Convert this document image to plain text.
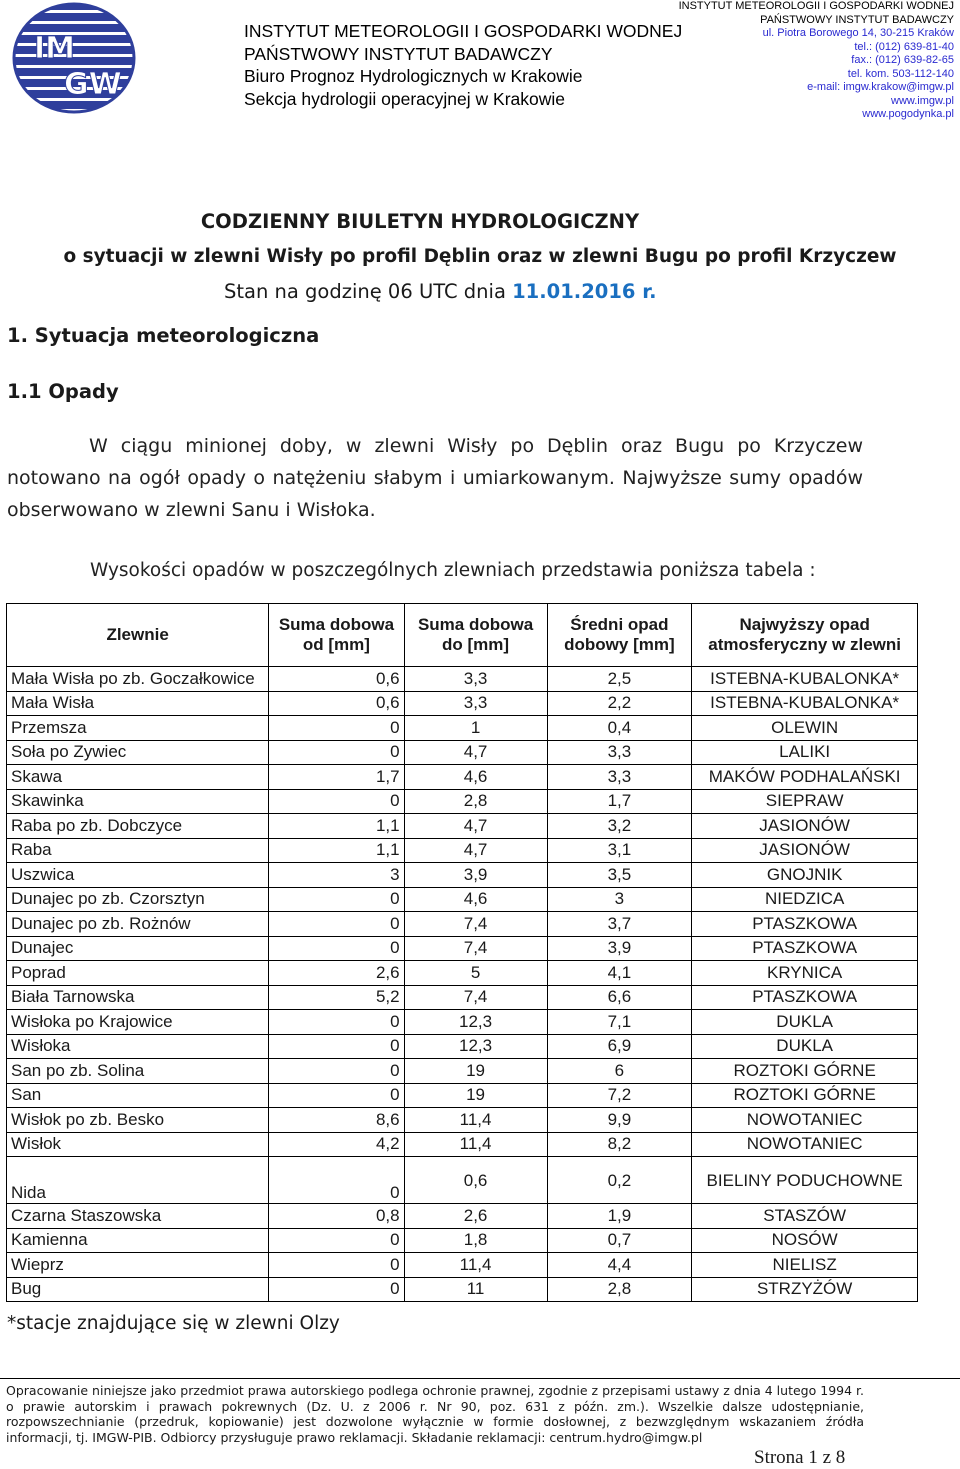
IM
GW
INSTYTUT METEOROLOGII I GOSPODARKI WODNEJ
PAŃSTWOWY INSTYTUT BADAWCZY
Biuro Prognoz Hydrologicznych w Krakowie
Sekcja hydrologii operacyjnej w Krakowie
INSTYTUT METEOROLOGII I GOSPODARKI WODNEJ
PAŃSTWOWY INSTYTUT BADAWCZY
ul. Piotra Borowego 14, 30-215 Kraków
tel.: (012) 639-81-40
fax.: (012) 639-82-65
tel. kom. 503-112-140
e-mail: imgw.krakow@imgw.pl
www.imgw.pl
www.pogodynka.pl
CODZIENNY BIULETYN HYDROLOGICZNY
o sytuacji w zlewni Wisły po profil Dęblin oraz w zlewni Bugu po profil Krzyczew
Stan na godzinę 06 UTC dnia 11.01.2016 r.
1. Sytuacja meteorologiczna
1.1 Opady
W ciągu minionej doby, w zlewni Wisły po Dęblin oraz Bugu po Krzyczew
notowano na ogół opady o natężeniu słabym i umiarkowanym. Najwyższe sumy opadów
obserwowano w zlewni Sanu i Wisłoka.
Wysokości opadów w poszczególnych zlewniach przedstawia poniższa tabela :
Zlewnie	Suma dobowa od [mm]	Suma dobowa do [mm]	Średni opad dobowy [mm]	Najwyższy opad atmosferyczny w zlewni
Mała Wisła po zb. Goczałkowice	0,6	3,3	2,5	ISTEBNA-KUBALONKA*
Mała Wisła	0,6	3,3	2,2	ISTEBNA-KUBALONKA*
Przemsza	0	1	0,4	OLEWIN
Soła po Zywiec	0	4,7	3,3	LALIKI
Skawa	1,7	4,6	3,3	MAKÓW PODHALAŃSKI
Skawinka	0	2,8	1,7	SIEPRAW
Raba po zb. Dobczyce	1,1	4,7	3,2	JASIONÓW
Raba	1,1	4,7	3,1	JASIONÓW
Uszwica	3	3,9	3,5	GNOJNIK
Dunajec po zb. Czorsztyn	0	4,6	3	NIEDZICA
Dunajec po zb. Rożnów	0	7,4	3,7	PTASZKOWA
Dunajec	0	7,4	3,9	PTASZKOWA
Poprad	2,6	5	4,1	KRYNICA
Biała Tarnowska	5,2	7,4	6,6	PTASZKOWA
Wisłoka po Krajowice	0	12,3	7,1	DUKLA
Wisłoka	0	12,3	6,9	DUKLA
San po zb. Solina	0	19	6	ROZTOKI GÓRNE
San	0	19	7,2	ROZTOKI GÓRNE
Wisłok po zb. Besko	8,6	11,4	9,9	NOWOTANIEC
Wisłok	4,2	11,4	8,2	NOWOTANIEC
Nida	0	0,6	0,2	BIELINY PODUCHOWNE
Czarna Staszowska	0,8	2,6	1,9	STASZÓW
Kamienna	0	1,8	0,7	NOSÓW
Wieprz	0	11,4	4,4	NIELISZ
Bug	0	11	2,8	STRZYŻÓW
*stacje znajdujące się w zlewni Olzy
Opracowanie niniejsze jako przedmiot prawa autorskiego podlega ochronie prawnej, zgodnie z przepisami ustawy z dnia 4 lutego 1994 r. o prawie autorskim i prawach pokrewnych (Dz. U. z 2006 r. Nr 90, poz. 631 z późn. zm.). Wszelkie dalsze udostępnianie, rozpowszechnianie (przedruk, kopiowanie) jest dozwolone wyłącznie w formie dosłownej, z bezwzględnym wskazaniem źródła informacji, tj. IMGW-PIB. Odbiorcy przysługuje prawo reklamacji. Składanie reklamacji: centrum.hydro@imgw.pl
Strona 1 z 8
